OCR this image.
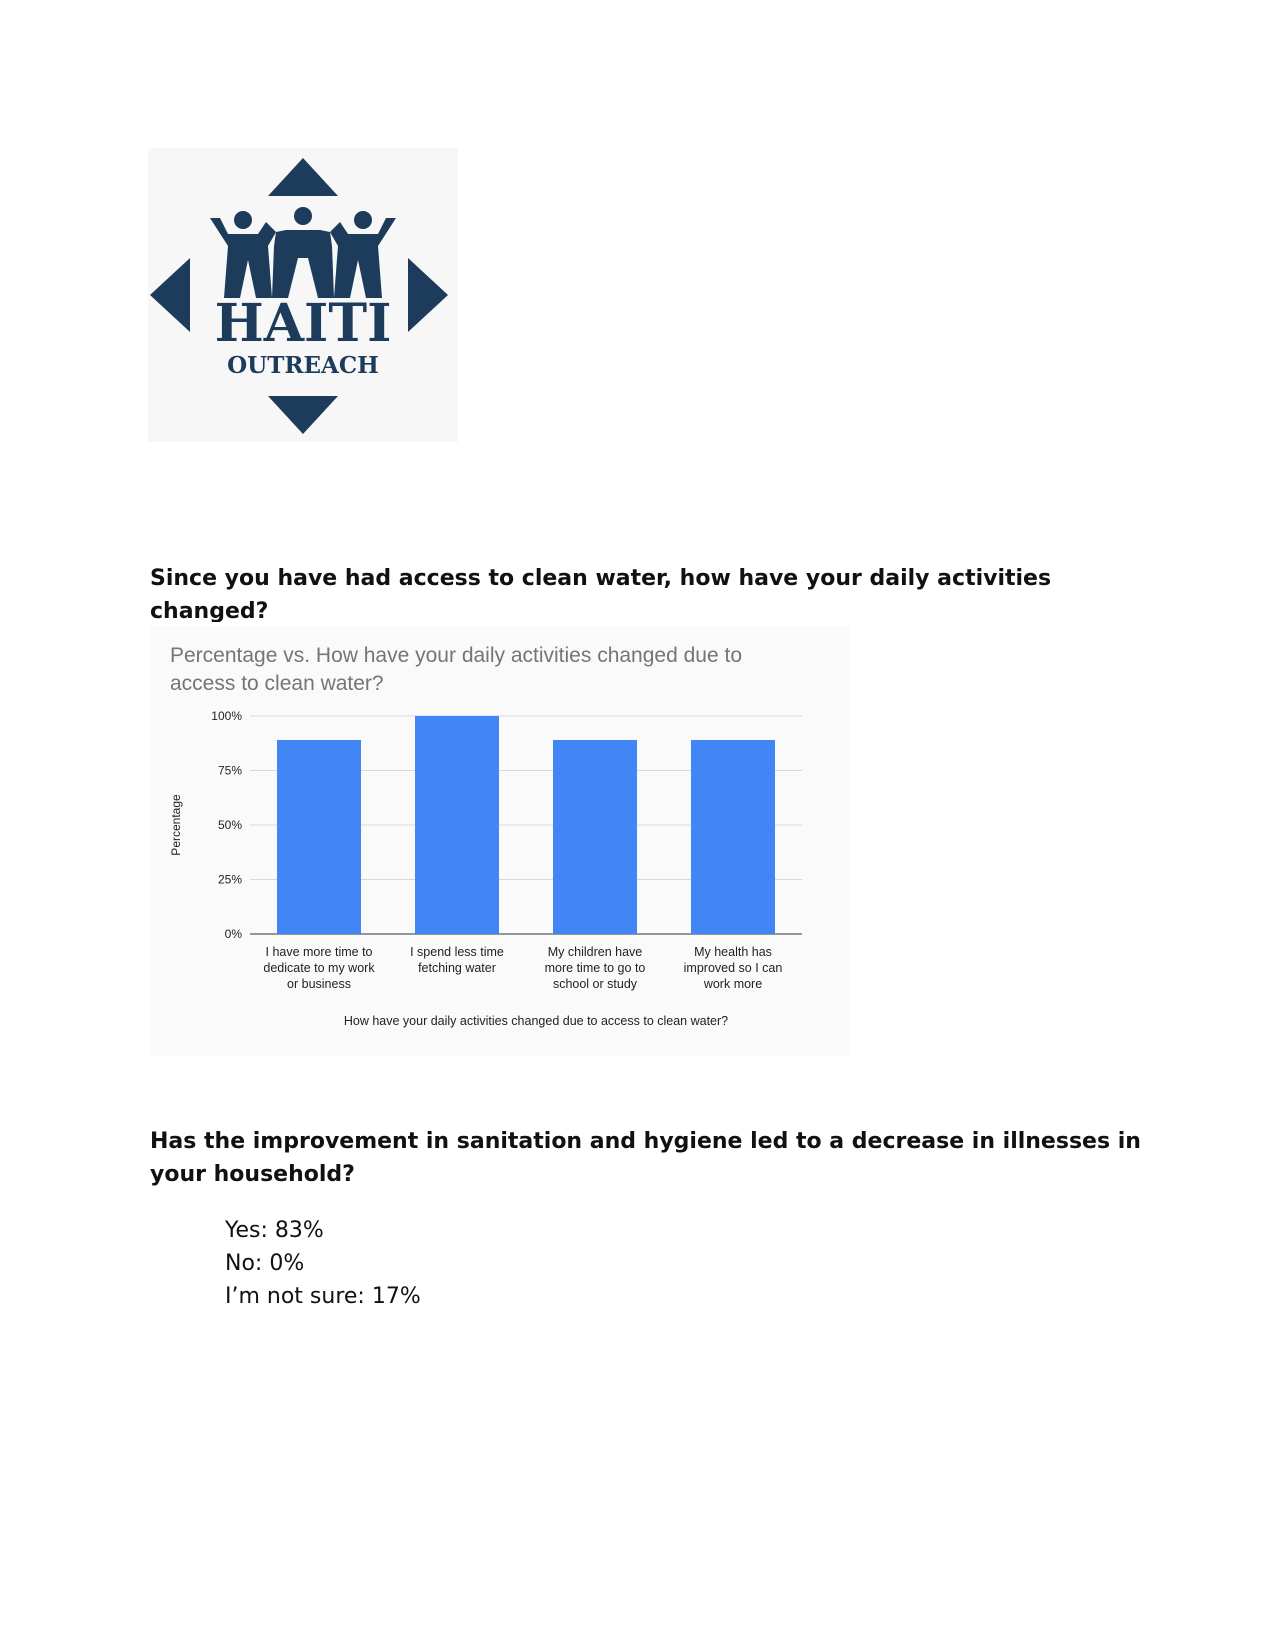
HAITI
OUTREACH
Since you have had access to clean water, how have your daily activities changed?
Percentage vs. How have your daily activities changed due to
access to clean water?
0%
25%
50%
75%
100%
Percentage
I have more time to
dedicate to my work
or business
I spend less time
fetching water
My children have
more time to go to
school or study
My health has
improved so I can
work more
How have your daily activities changed due to access to clean water?
Has the improvement in sanitation and hygiene led to a decrease in illnesses in your household?
Yes: 83%
No: 0%
I’m not sure: 17%
